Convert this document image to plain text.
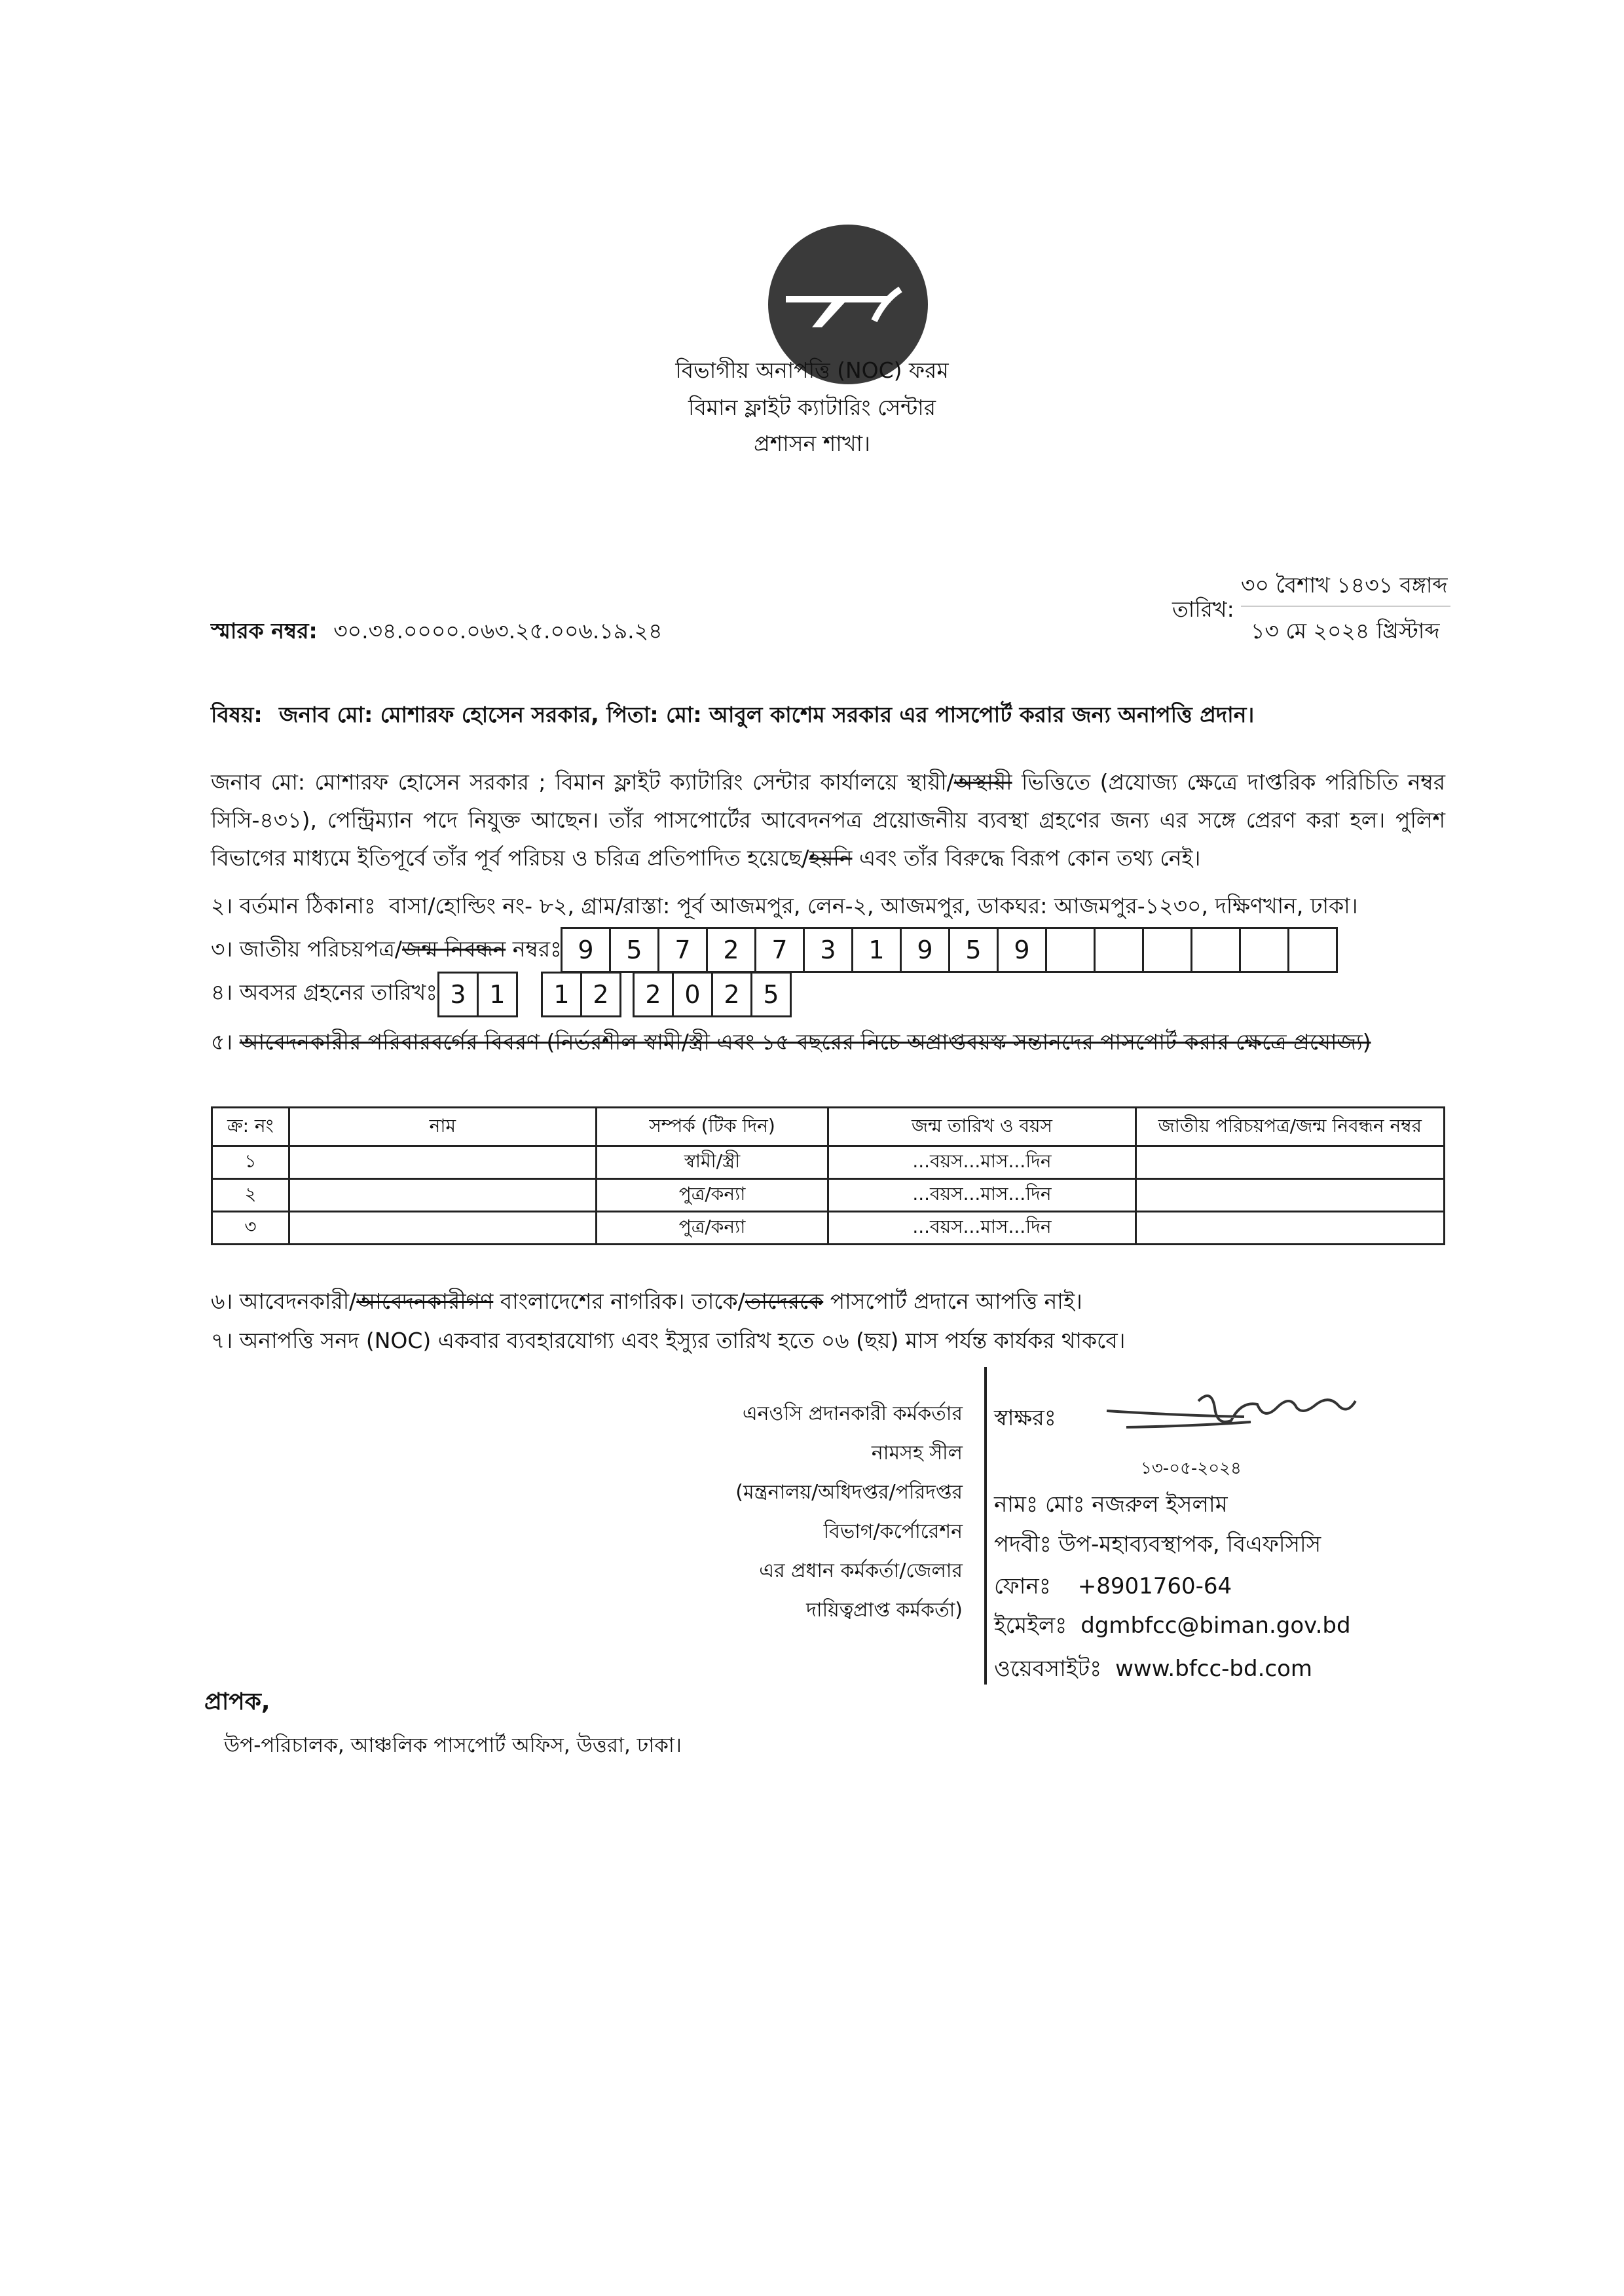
বিভাগীয় অনাপত্তি (NOC) ফরম
বিমান ফ্লাইট ক্যাটারিং সেন্টার
প্রশাসন শাখা।
৩০ বৈশাখ ১৪৩১ বঙ্গাব্দ
তারিখ:
১৩ মে ২০২৪ খ্রিস্টাব্দ
স্মারক নম্বর: ৩০.৩৪.০০০০.০৬৩.২৫.০০৬.১৯.২৪
বিষয়: জনাব মো: মোশারফ হোসেন সরকার, পিতা: মো: আবুল কাশেম সরকার এর পাসপোর্ট করার জন্য অনাপত্তি প্রদান।
জনাব মো: মোশারফ হোসেন সরকার ; বিমান ফ্লাইট ক্যাটারিং সেন্টার কার্যালয়ে স্থায়ী/অস্থায়ী ভিত্তিতে (প্রযোজ্য ক্ষেত্রে দাপ্তরিক পরিচিতি নম্বর সিসি-৪৩১), পেন্ট্রিম্যান পদে নিযুক্ত আছেন। তাঁর পাসপোর্টের আবেদনপত্র প্রয়োজনীয় ব্যবস্থা গ্রহণের জন্য এর সঙ্গে প্রেরণ করা হল। পুলিশ বিভাগের মাধ্যমে ইতিপূর্বে তাঁর পূর্ব পরিচয় ও চরিত্র প্রতিপাদিত হয়েছে/হয়নি এবং তাঁর বিরুদ্ধে বিরূপ কোন তথ্য নেই।
২। বর্তমান ঠিকানাঃ বাসা/হোল্ডিং নং- ৮২, গ্রাম/রাস্তা: পূর্ব আজমপুর, লেন-২, আজমপুর, ডাকঘর: আজমপুর-১২৩০, দক্ষিণখান, ঢাকা।
৩। জাতীয় পরিচয়পত্র/জন্ম নিবন্ধন নম্বরঃ 9	5	7	2	7	3	1	9	5	9
৪। অবসর গ্রহনের তারিখঃ 3 1	1 2	2 0 2 5
৫। আবেদনকারীর পরিবারবর্গের বিবরণ (নির্ভরশীল স্বামী/স্ত্রী এবং ১৫ বছরের নিচে অপ্রাপ্তবয়স্ক সন্তানদের পাসপোর্ট করার ক্ষেত্রে প্রযোজ্য)
ক্র: নং	নাম	সম্পর্ক (টিক দিন)	জন্ম তারিখ ও বয়স	জাতীয় পরিচয়পত্র/জন্ম নিবন্ধন নম্বর
১		স্বামী/স্ত্রী	...বয়স...মাস...দিন	
২		পুত্র/কন্যা	...বয়স...মাস...দিন	
৩		পুত্র/কন্যা	...বয়স...মাস...দিন	
৬। আবেদনকারী/আবেদনকারীগণ বাংলাদেশের নাগরিক। তাকে/তাদেরকে পাসপোর্ট প্রদানে আপত্তি নাই।
৭। অনাপত্তি সনদ (NOC) একবার ব্যবহারযোগ্য এবং ইস্যুর তারিখ হতে ০৬ (ছয়) মাস পর্যন্ত কার্যকর থাকবে।
এনওসি প্রদানকারী কর্মকর্তার
নামসহ সীল
(মন্ত্রনালয়/অধিদপ্তর/পরিদপ্তর
বিভাগ/কর্পোরেশন
এর প্রধান কর্মকর্তা/জেলার
দায়িত্বপ্রাপ্ত কর্মকর্তা)
স্বাক্ষরঃ
১৩-০৫-২০২৪
নামঃ মোঃ নজরুল ইসলাম
পদবীঃ উপ-মহাব্যবস্থাপক, বিএফসিসি
ফোনঃ +8901760-64
ইমেইলঃ dgmbfcc@biman.gov.bd
ওয়েবসাইটঃ www.bfcc-bd.com
প্রাপক,
উপ-পরিচালক, আঞ্চলিক পাসপোর্ট অফিস, উত্তরা, ঢাকা।
